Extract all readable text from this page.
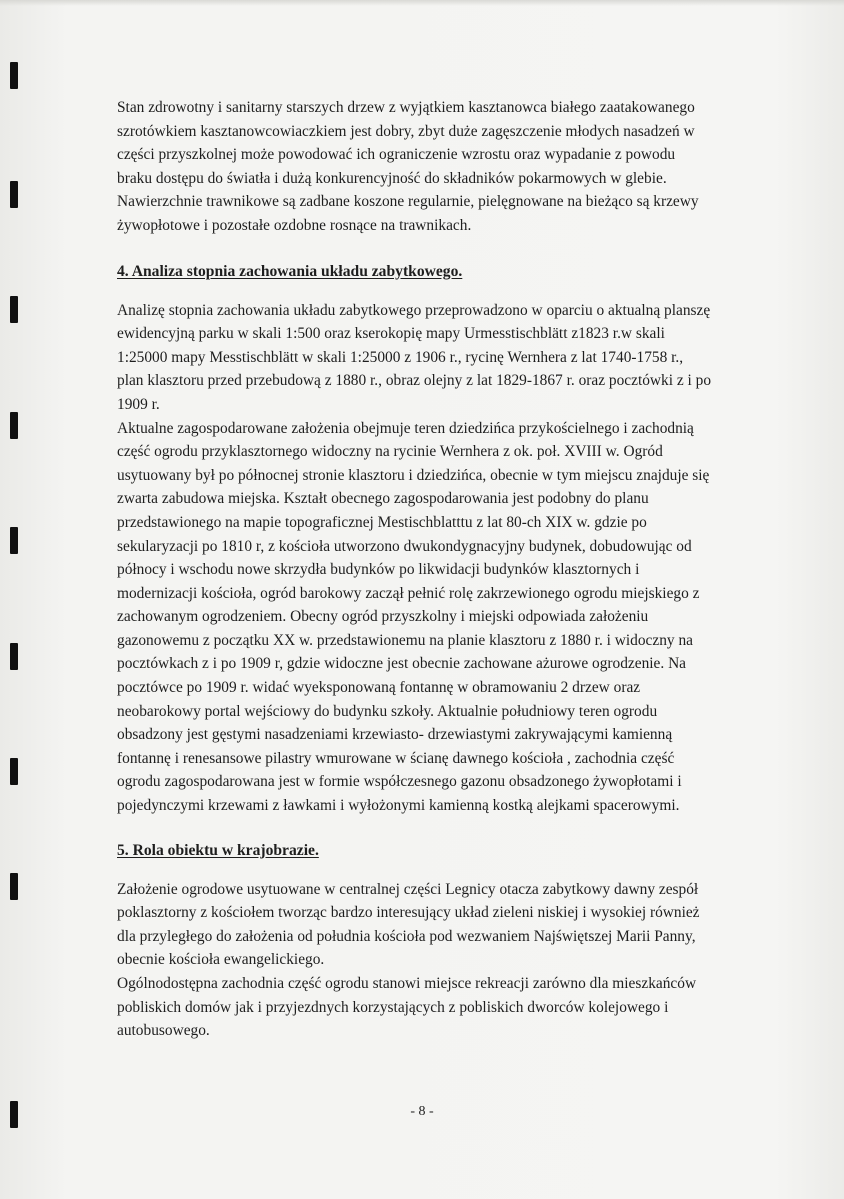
Stan zdrowotny i sanitarny starszych drzew z wyjątkiem kasztanowca białego zaatakowanego
szrotówkiem kasztanowcowiaczkiem jest dobry, zbyt duże zagęszczenie młodych nasadzeń w
części przyszkolnej może powodować ich ograniczenie wzrostu oraz wypadanie z powodu
braku dostępu do światła i dużą konkurencyjność do składników pokarmowych w glebie.
Nawierzchnie trawnikowe są zadbane koszone regularnie, pielęgnowane na bieżąco są krzewy
żywopłotowe i pozostałe ozdobne rosnące na trawnikach.

4. Analiza stopnia zachowania układu zabytkowego.

Analizę stopnia zachowania układu zabytkowego przeprowadzono w oparciu o aktualną planszę
ewidencyjną parku w skali 1:500 oraz kserokopię mapy Urmesstischblätt z1823 r.w skali
1:25000 mapy Messtischblätt w skali 1:25000 z 1906 r., rycinę Wernhera z lat 1740-1758 r.,
plan klasztoru przed przebudową z 1880 r., obraz olejny z lat 1829-1867 r. oraz pocztówki z i po
1909 r.
Aktualne zagospodarowane założenia obejmuje teren dziedzińca przykościelnego i zachodnią
część ogrodu przyklasztornego widoczny na rycinie Wernhera z ok. poł. XVIII w. Ogród
usytuowany był po północnej stronie klasztoru i dziedzińca, obecnie w tym miejscu znajduje się
zwarta zabudowa miejska. Kształt obecnego zagospodarowania jest podobny do planu
przedstawionego na mapie topograficznej Mestischblatttu z lat 80-ch XIX w. gdzie po
sekularyzacji po 1810 r, z kościoła utworzono dwukondygnacyjny budynek, dobudowując od
północy i wschodu nowe skrzydła budynków po likwidacji budynków klasztornych i
modernizacji kościoła, ogród barokowy zaczął pełnić rolę zakrzewionego ogrodu miejskiego z
zachowanym ogrodzeniem. Obecny ogród przyszkolny i miejski odpowiada założeniu
gazonowemu z początku XX w. przedstawionemu na planie klasztoru z 1880 r. i widoczny na
pocztówkach z i po 1909 r, gdzie widoczne jest obecnie zachowane ażurowe ogrodzenie. Na
pocztówce po 1909 r. widać wyeksponowaną fontannę w obramowaniu 2 drzew oraz
neobarokowy portal wejściowy do budynku szkoły. Aktualnie południowy teren ogrodu
obsadzony jest gęstymi nasadzeniami krzewiasto- drzewiastymi zakrywającymi kamienną
fontannę i renesansowe pilastry wmurowane w ścianę dawnego kościoła , zachodnia część
ogrodu zagospodarowana jest w formie współczesnego gazonu obsadzonego żywopłotami i
pojedynczymi krzewami z ławkami i wyłożonymi kamienną kostką alejkami spacerowymi.

5. Rola obiektu w krajobrazie.

Założenie ogrodowe usytuowane w centralnej części Legnicy otacza zabytkowy dawny zespół
poklasztorny z kościołem tworząc bardzo interesujący układ zieleni niskiej i wysokiej również
dla przyległego do założenia od południa kościoła pod wezwaniem Najświętszej Marii Panny,
obecnie kościoła ewangelickiego.
Ogólnodostępna zachodnia część ogrodu stanowi miejsce rekreacji zarówno dla mieszkańców
pobliskich domów jak i przyjezdnych korzystających z pobliskich dworców kolejowego i
autobusowego.

- 8 -
